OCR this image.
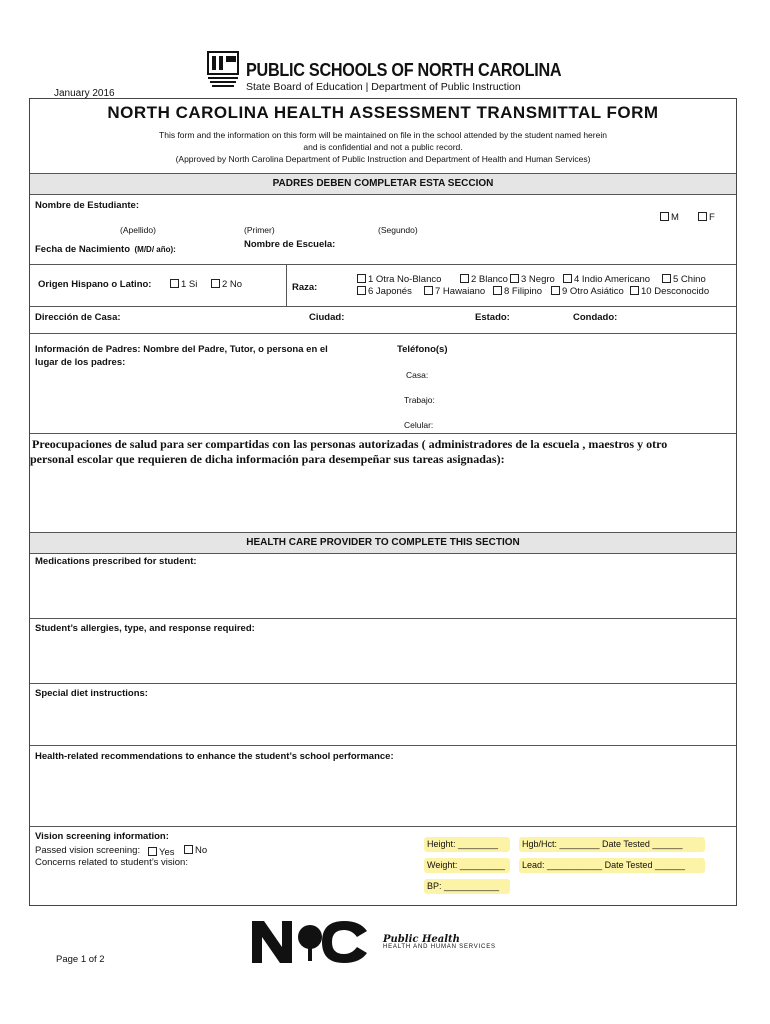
PUBLIC SCHOOLS OF NORTH CAROLINA
State Board of Education | Department of Public Instruction
January 2016
NORTH CAROLINA HEALTH ASSESSMENT TRANSMITTAL FORM
This form and the information on this form will be maintained on file in the school attended by the student named herein
and is confidential and not a public record.
(Approved by North Carolina Department of Public Instruction and Department of Health and Human Services)
PADRES DEBEN COMPLETAR ESTA SECCION
Nombre de Estudiante:
M	F
(Apellido)	(Primer)	(Segundo)
Fecha de Nacimiento (M/D/ año):	Nombre de Escuela:
Origen Hispano o Latino:	1 Si	2 No	Raza:
1 Otra No-Blanco	2 Blanco	3 Negro	4 Indio Americano	5 Chino
6 Japonés	7 Hawaiano	8 Filipino	9 Otro Asiático	10 Desconocido
Dirección de Casa:	Ciudad:	Estado:	Condado:
Información de Padres: Nombre del Padre, Tutor, o persona en el
lugar de los padres:
Teléfono(s)
Casa:
Trabajo:
Celular:
Preocupaciones de salud para ser compartidas con las personas autorizadas ( administradores de la escuela , maestros y otro
personal escolar que requieren de dicha información para desempeñar sus tareas asignadas):
HEALTH CARE PROVIDER TO COMPLETE THIS SECTION
Medications prescribed for student:
Student’s allergies, type, and response required:
Special diet instructions:
Health-related recommendations to enhance the student’s school performance:
Vision screening information:
Passed vision screening:	Yes	No
Concerns related to student’s vision:
Height: ________
Weight: _________
BP: ___________
Hgb/Hct: ________ Date Tested ______
Lead: ___________ Date Tested ______
Public Health
HEALTH AND HUMAN SERVICES
Page 1 of 2
